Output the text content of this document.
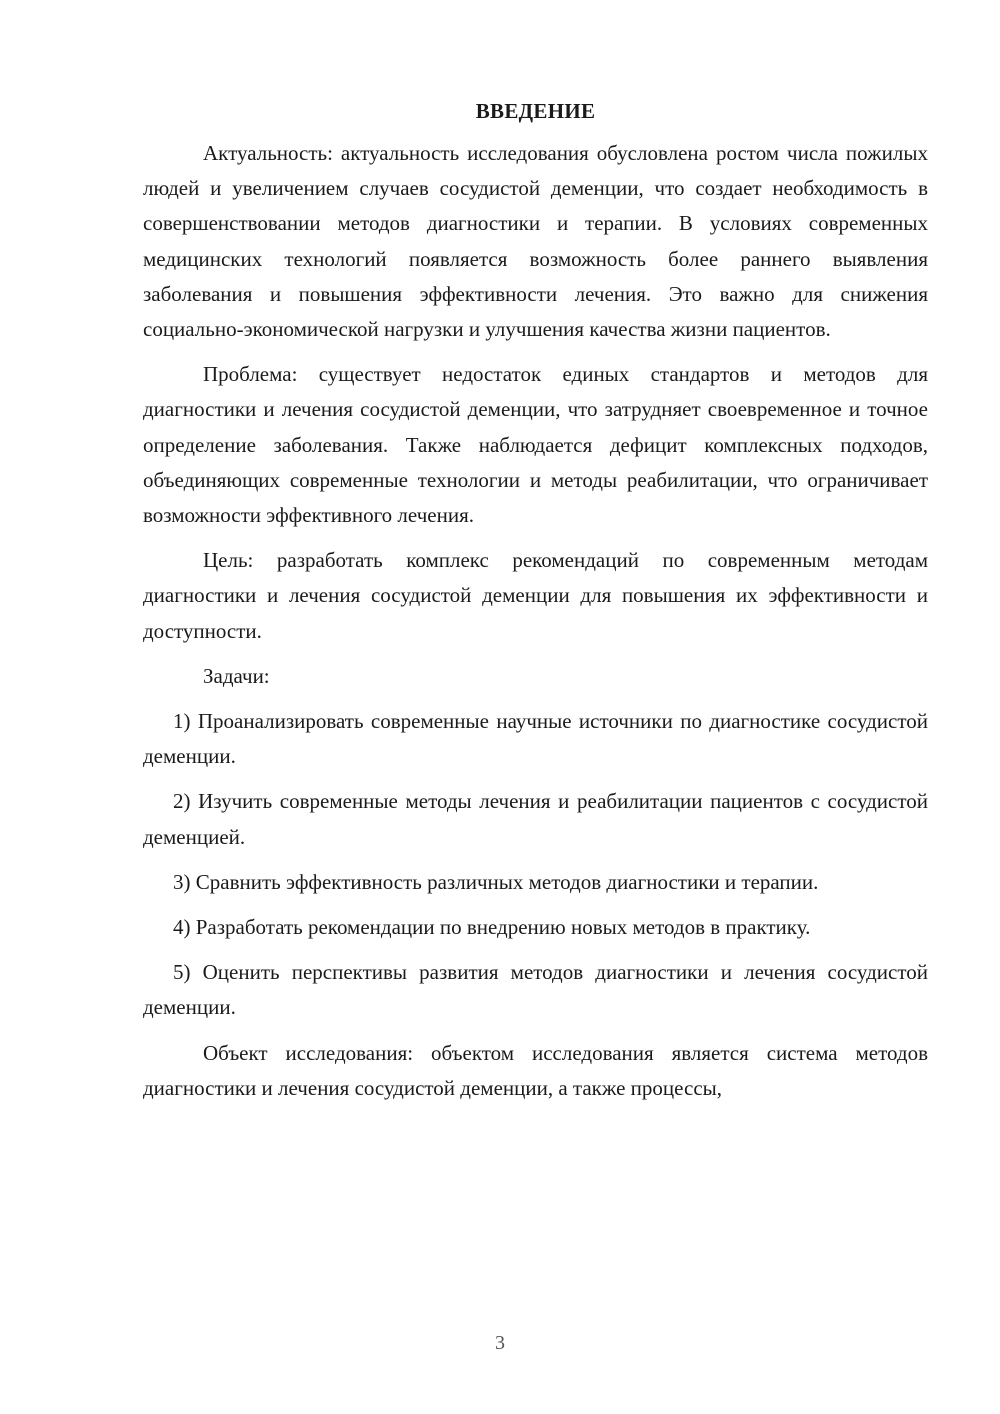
ВВЕДЕНИЕ

Актуальность: актуальность исследования обусловлена ростом числа пожилых людей и увеличением случаев сосудистой деменции, что создает необходимость в совершенствовании методов диагностики и терапии. В условиях современных медицинских технологий появляется возможность более раннего выявления заболевания и повышения эффективности лечения. Это важно для снижения социально-экономической нагрузки и улучшения качества жизни пациентов.

Проблема: существует недостаток единых стандартов и методов для диагностики и лечения сосудистой деменции, что затрудняет своевременное и точное определение заболевания. Также наблюдается дефицит комплексных подходов, объединяющих современные технологии и методы реабилитации, что ограничивает возможности эффективного лечения.

Цель: разработать комплекс рекомендаций по современным методам диагностики и лечения сосудистой деменции для повышения их эффективности и доступности.

Задачи:

1) Проанализировать современные научные источники по диагностике сосудистой деменции.

2) Изучить современные методы лечения и реабилитации пациентов с сосудистой деменцией.

3) Сравнить эффективность различных методов диагностики и терапии.

4) Разработать рекомендации по внедрению новых методов в практику.

5) Оценить перспективы развития методов диагностики и лечения сосудистой деменции.

Объект исследования: объектом исследования является система методов диагностики и лечения сосудистой деменции, а также процессы,

3
